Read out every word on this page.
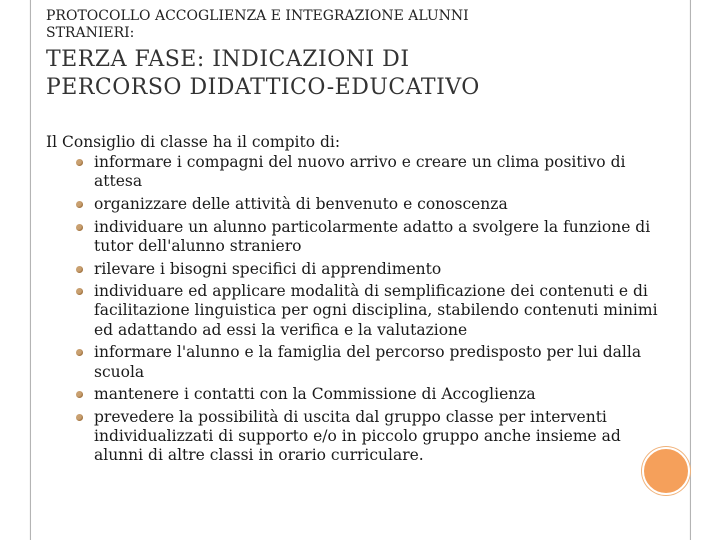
PROTOCOLLO ACCOGLIENZA E INTEGRAZIONE ALUNNI
STRANIERI:
TERZA FASE: INDICAZIONI DI
PERCORSO DIDATTICO-EDUCATIVO
Il Consiglio di classe ha il compito di:
informare i compagni del nuovo arrivo e creare un clima positivo di attesa
organizzare delle attività di benvenuto e conoscenza
individuare un alunno particolarmente adatto a svolgere la funzione di tutor dell'alunno straniero
rilevare i bisogni specifici di apprendimento
individuare ed applicare modalità di semplificazione dei contenuti e di facilitazione linguistica per ogni disciplina, stabilendo contenuti minimi ed adattando ad essi la verifica e la valutazione
informare l'alunno e la famiglia del percorso predisposto per lui dalla scuola
mantenere i contatti con la Commissione di Accoglienza
prevedere la possibilità di uscita dal gruppo classe per interventi individualizzati di supporto e/o in piccolo gruppo anche insieme ad alunni di altre classi in orario curriculare.
